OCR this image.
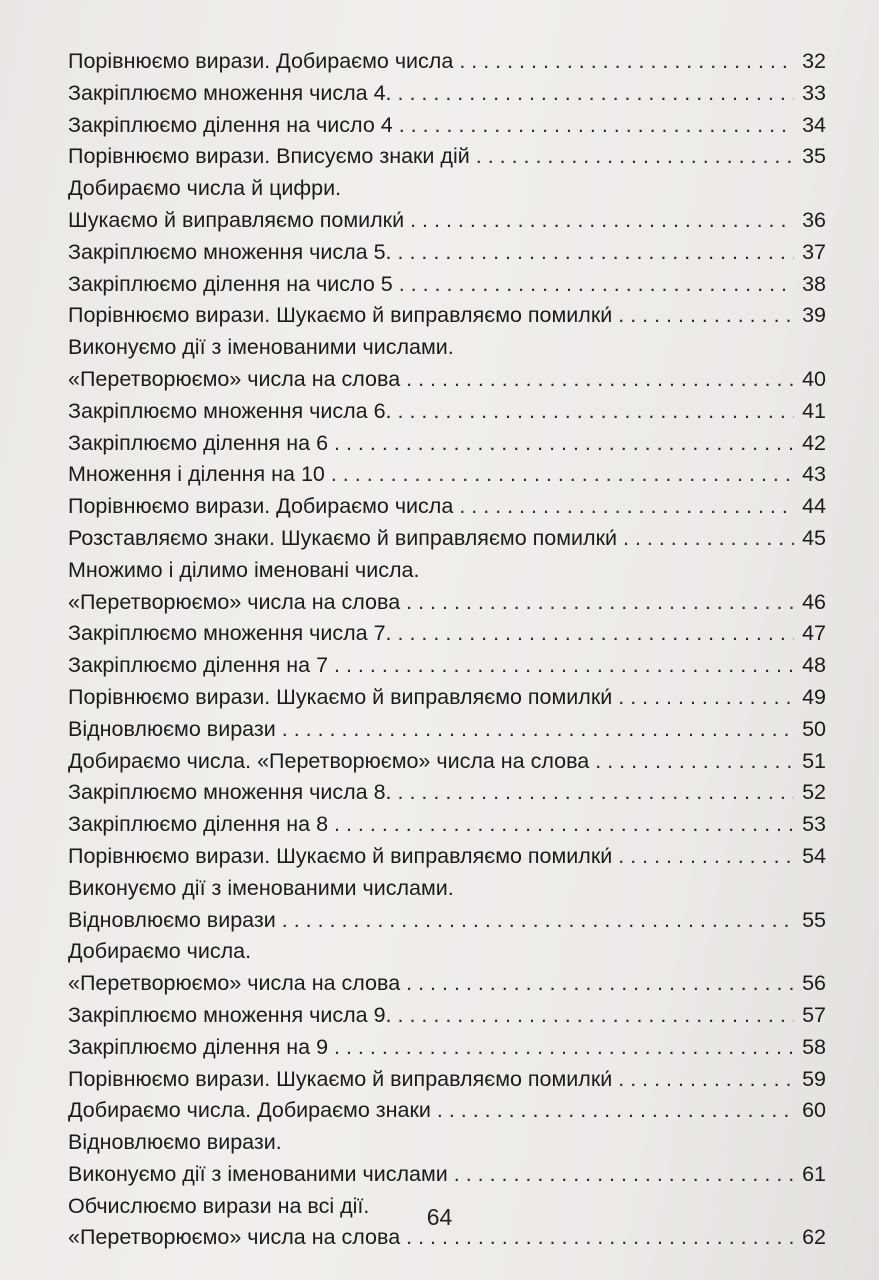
Порівнюємо вирази. Добираємо числа . . .	32
Закріплюємо множення числа 4. . . .	33
Закріплюємо ділення на число 4 . . .	34
Порівнюємо вирази. Вписуємо знаки дій . . .	35
Добираємо числа й цифри.
Шукаємо й виправляємо помилки́ . . .	36
Закріплюємо множення числа 5. . . .	37
Закріплюємо ділення на число 5 . . .	38
Порівнюємо вирази. Шукаємо й виправляємо помилки́ . . .	39
Виконуємо дії з іменованими числами.
«Перетворюємо» числа на слова . . .	40
Закріплюємо множення числа 6. . . .	41
Закріплюємо ділення на 6 . . .	42
Множення і ділення на 10 . . .	43
Порівнюємо вирази. Добираємо числа . . .	44
Розставляємо знаки. Шукаємо й виправляємо помилки́ . . .	45
Множимо і ділимо іменовані числа.
«Перетворюємо» числа на слова . . .	46
Закріплюємо множення числа 7. . . .	47
Закріплюємо ділення на 7 . . .	48
Порівнюємо вирази. Шукаємо й виправляємо помилки́ . . .	49
Відновлюємо вирази . . .	50
Добираємо числа. «Перетворюємо» числа на слова . . .	51
Закріплюємо множення числа 8. . . .	52
Закріплюємо ділення на 8 . . .	53
Порівнюємо вирази. Шукаємо й виправляємо помилки́ . . .	54
Виконуємо дії з іменованими числами.
Відновлюємо вирази . . .	55
Добираємо числа.
«Перетворюємо» числа на слова . . .	56
Закріплюємо множення числа 9. . . .	57
Закріплюємо ділення на 9 . . .	58
Порівнюємо вирази. Шукаємо й виправляємо помилки́ . . .	59
Добираємо числа. Добираємо знаки . . .	60
Відновлюємо вирази.
Виконуємо дії з іменованими числами . . .	61
Обчислюємо вирази на всі дії.
«Перетворюємо» числа на слова . . .	62
64
